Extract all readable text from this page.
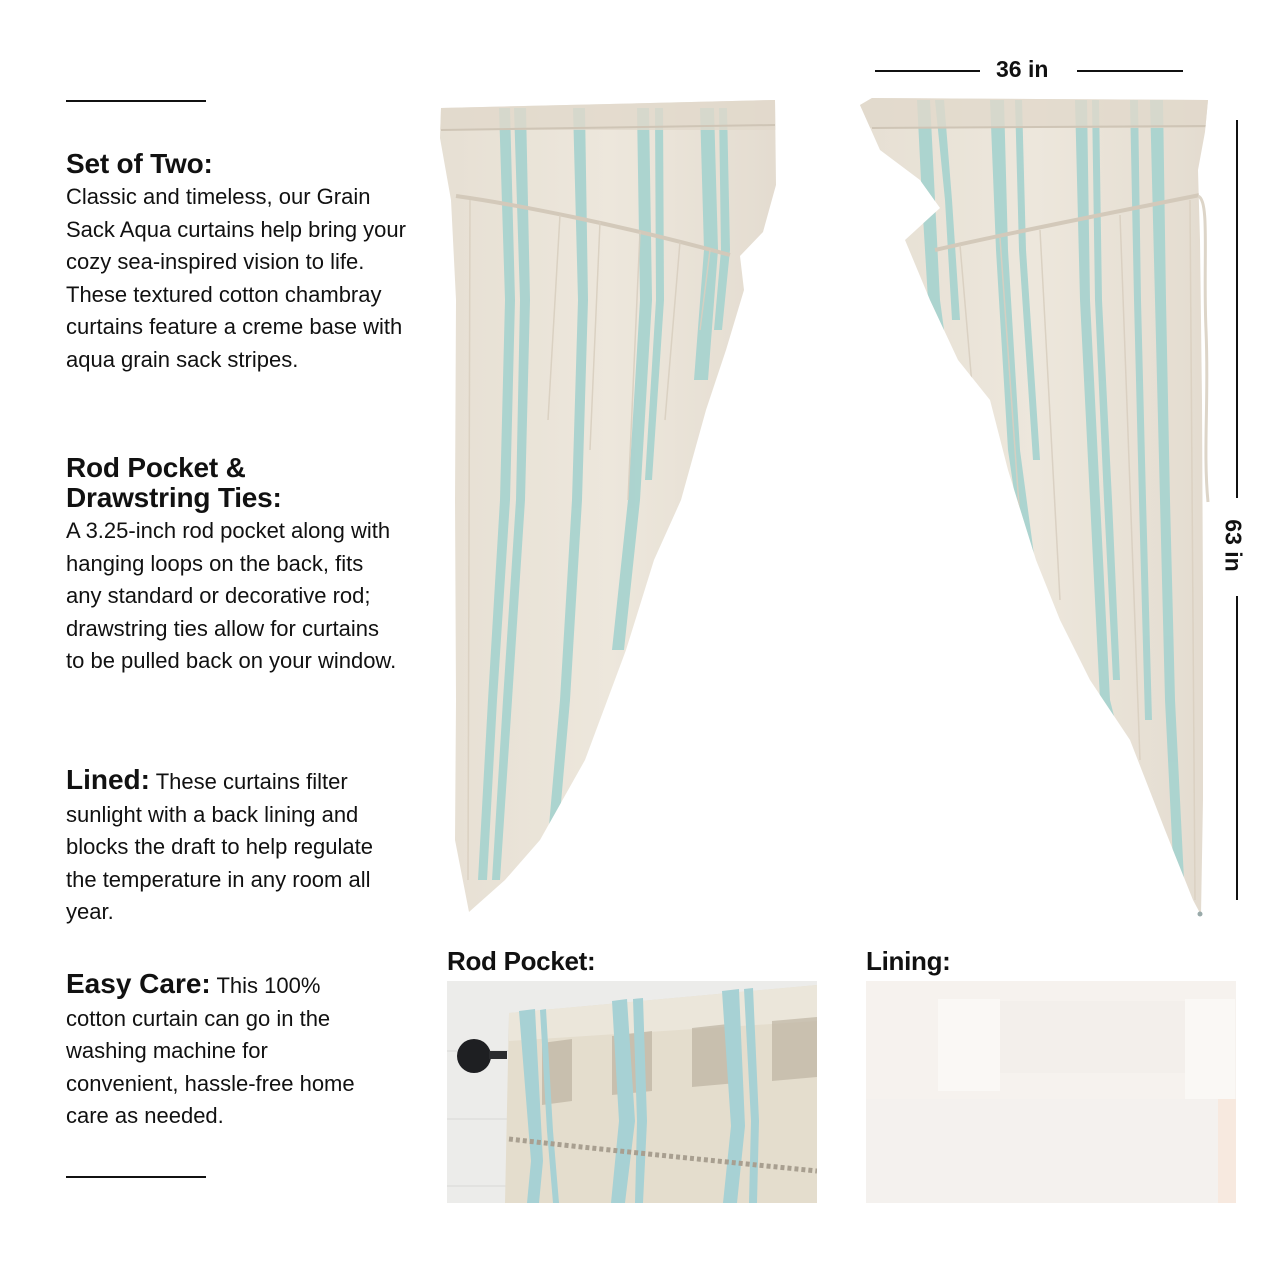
Set of Two:

Classic and timeless, our Grain Sack Aqua curtains help bring your cozy sea-inspired vision to life. These textured cotton chambray curtains feature a creme base with aqua grain sack stripes.

Rod Pocket &
Drawstring Ties:

A 3.25-inch rod pocket along with hanging loops on the back, fits any standard or decorative rod; drawstring ties allow for curtains to be pulled back on your window.

Lined: These curtains filter sunlight with a back lining and blocks the draft to help regulate the temperature in any room all year.

Easy Care: This 100% cotton curtain can go in the washing machine for convenient, hassle-free home care as needed.

36 in
63 in
Rod Pocket:	Lining:
